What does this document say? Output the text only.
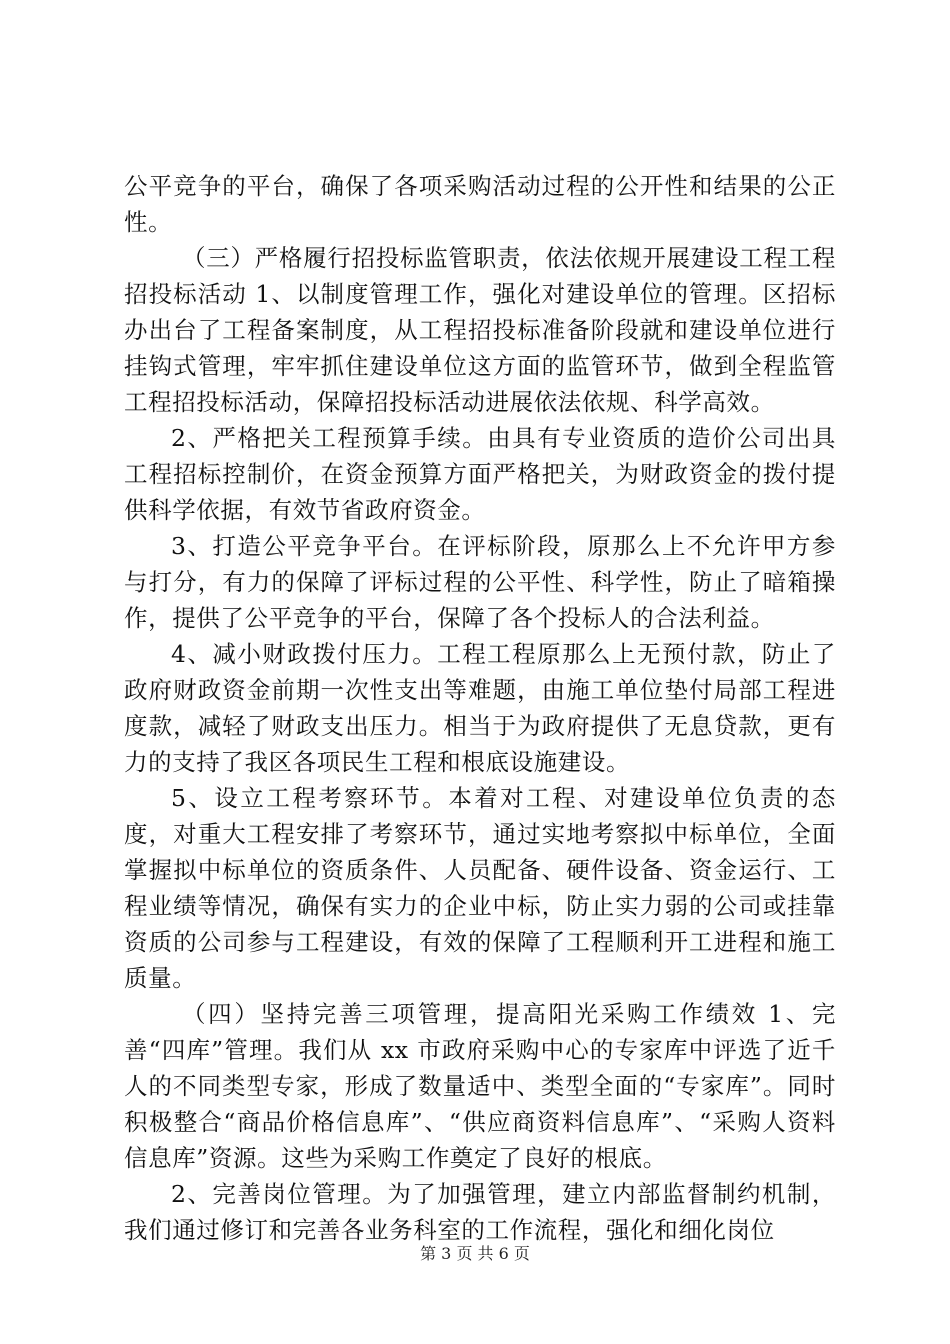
公平竞争的平台，确保了各项采购活动过程的公开性和结果的公正性。

（三）严格履行招投标监管职责，依法依规开展建设工程工程招投标活动 1、以制度管理工作，强化对建设单位的管理。区招标办出台了工程备案制度，从工程招投标准备阶段就和建设单位进行挂钩式管理，牢牢抓住建设单位这方面的监管环节，做到全程监管工程招投标活动，保障招投标活动进展依法依规、科学高效。

2、严格把关工程预算手续。由具有专业资质的造价公司出具工程招标控制价，在资金预算方面严格把关，为财政资金的拨付提供科学依据，有效节省政府资金。

3、打造公平竞争平台。在评标阶段，原那么上不允许甲方参与打分，有力的保障了评标过程的公平性、科学性，防止了暗箱操作，提供了公平竞争的平台，保障了各个投标人的合法利益。

4、减小财政拨付压力。工程工程原那么上无预付款，防止了政府财政资金前期一次性支出等难题，由施工单位垫付局部工程进度款，减轻了财政支出压力。相当于为政府提供了无息贷款，更有力的支持了我区各项民生工程和根底设施建设。

5、设立工程考察环节。本着对工程、对建设单位负责的态度，对重大工程安排了考察环节，通过实地考察拟中标单位，全面掌握拟中标单位的资质条件、人员配备、硬件设备、资金运行、工程业绩等情况，确保有实力的企业中标，防止实力弱的公司或挂靠资质的公司参与工程建设，有效的保障了工程顺利开工进程和施工质量。

（四）坚持完善三项管理，提高阳光采购工作绩效 1、完善“四库”管理。我们从 xx 市政府采购中心的专家库中评选了近千人的不同类型专家，形成了数量适中、类型全面的“专家库”。同时积极整合“商品价格信息库”、“供应商资料信息库”、“采购人资料信息库”资源。这些为采购工作奠定了良好的根底。

2、完善岗位管理。为了加强管理，建立内部监督制约机制，我们通过修订和完善各业务科室的工作流程，强化和细化岗位

第 3 页 共 6 页
